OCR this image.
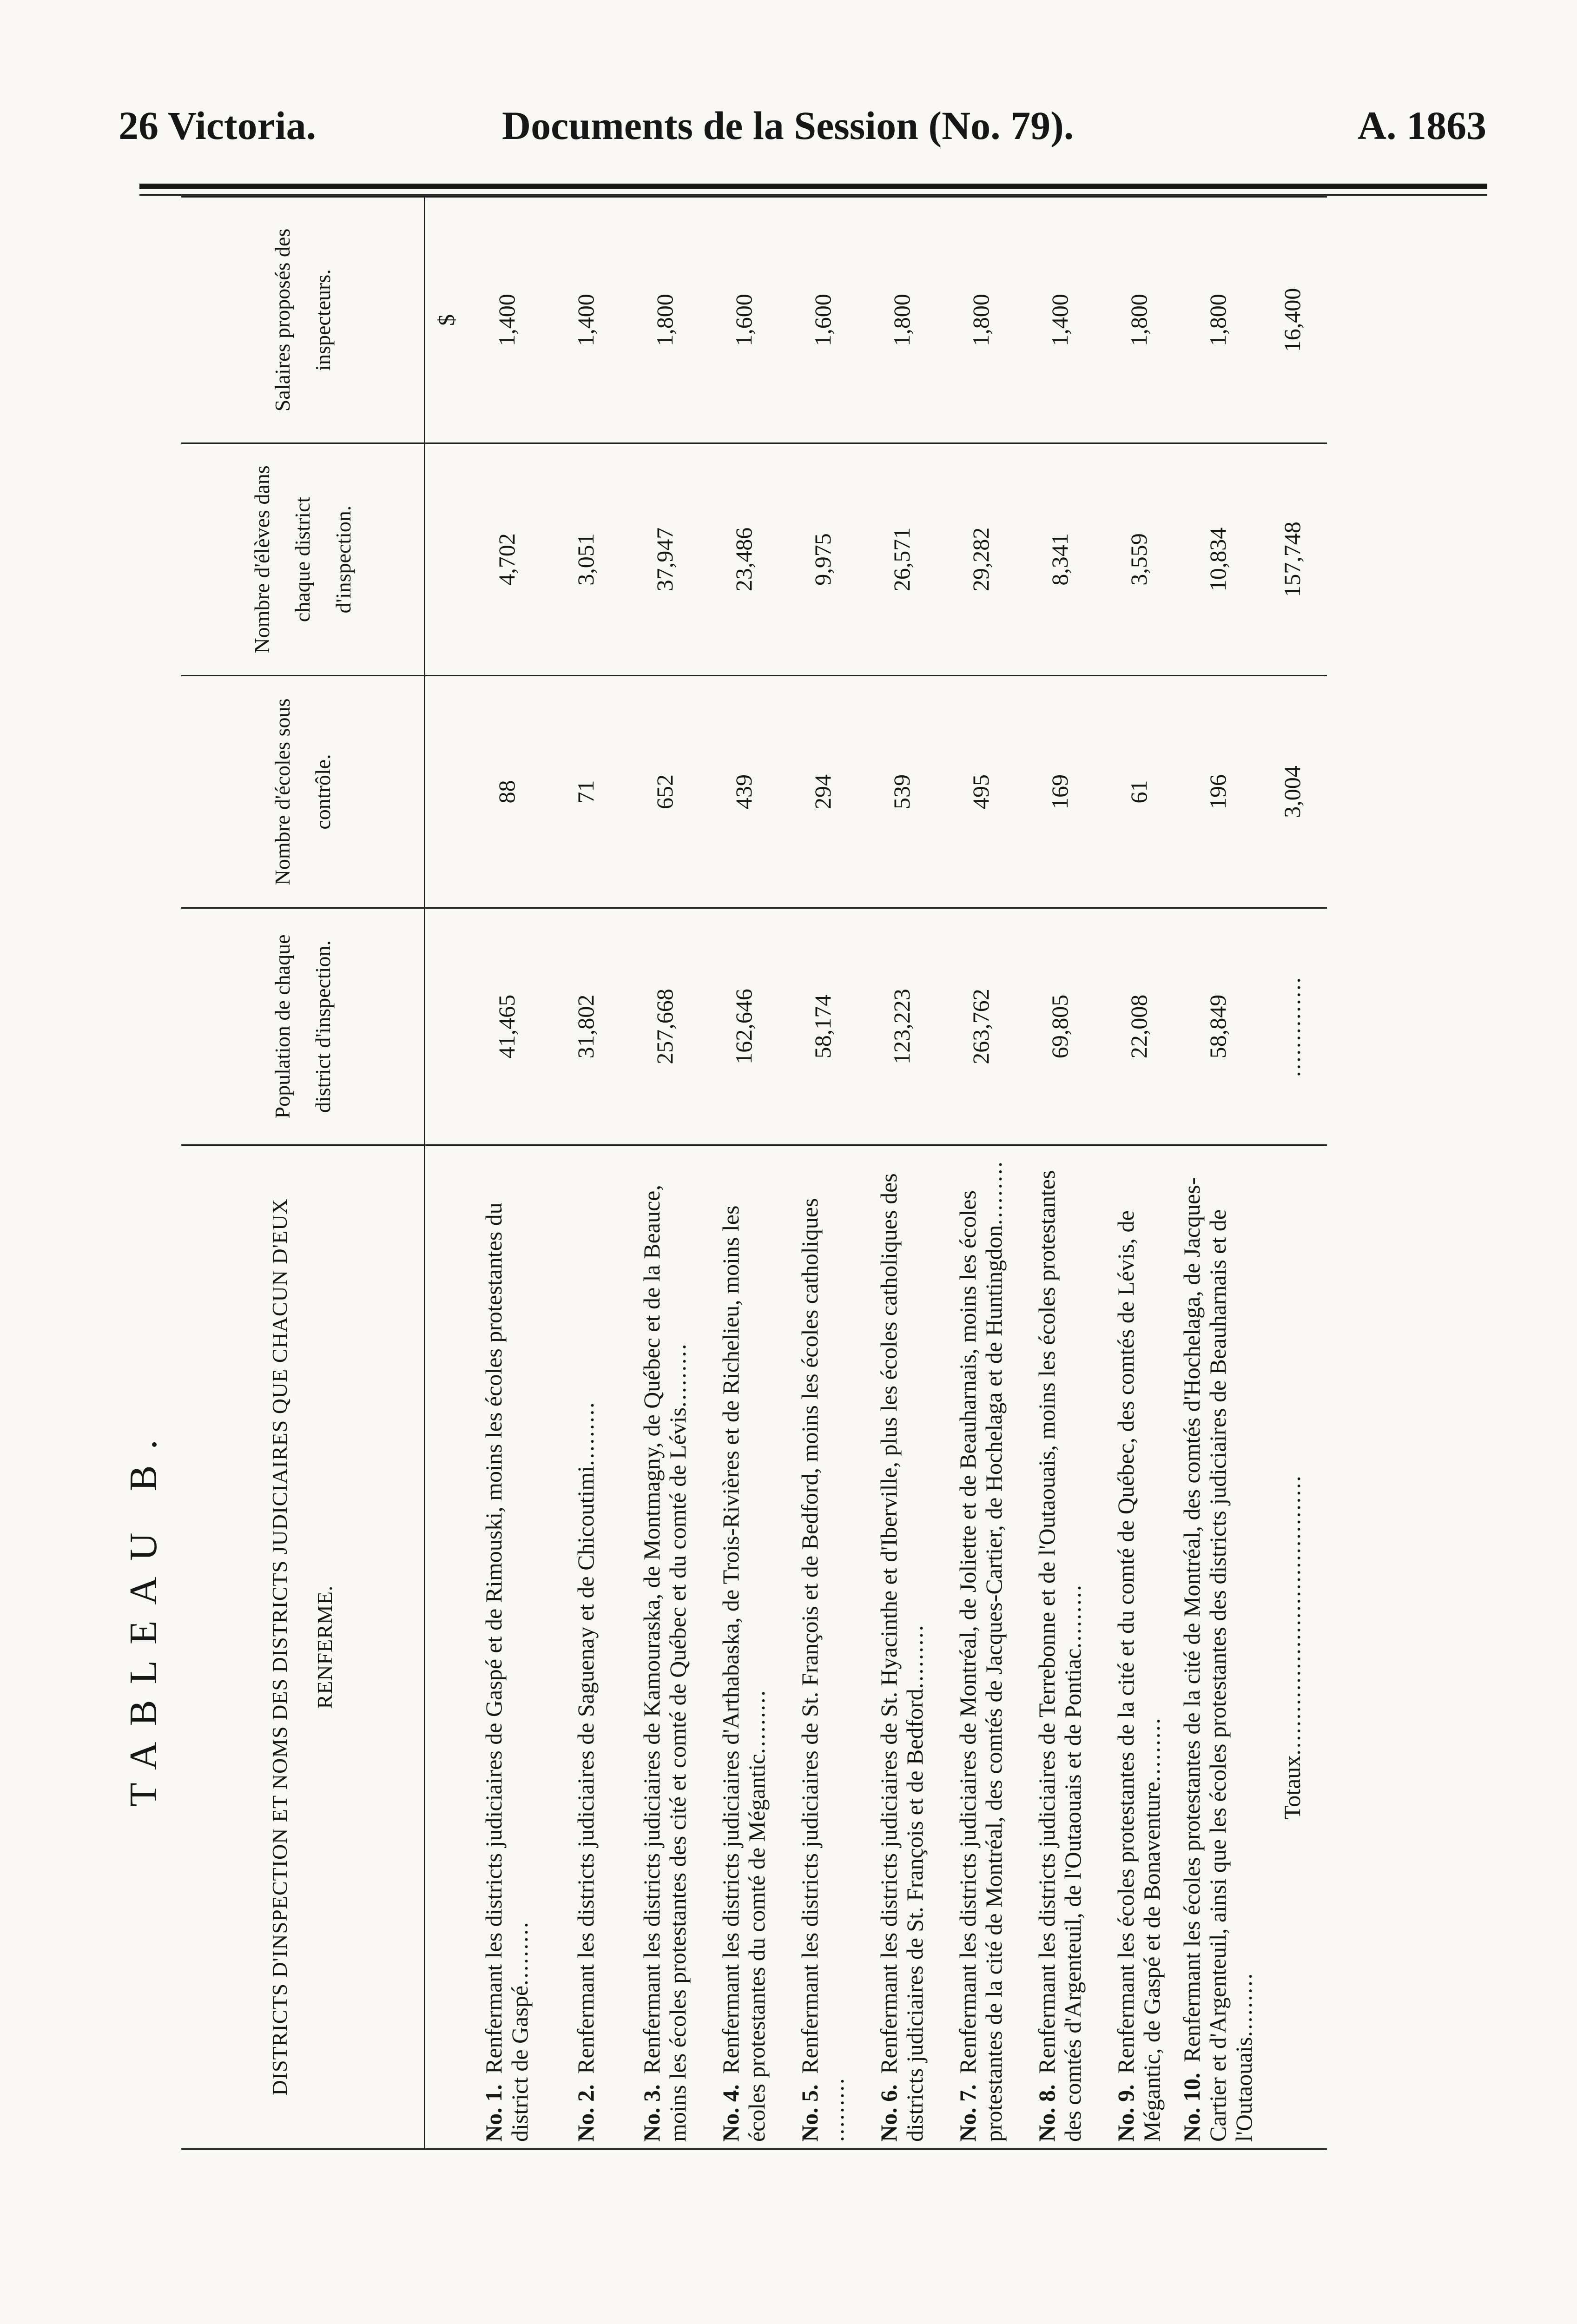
26 Victoria.	Documents de la Session (No. 79).	A. 1863
TABLEAU B.	DISTRICTS D'INSPECTION ET NOMS DES DISTRICTS JUDICIAIRES QUE CHACUN D'EUX RENFERME.	Population de chaque district d'inspection.	Nombre d'écoles sous contrôle.	Nombre d'élèves dans chaque district d'inspection.	Salaires proposés des inspecteurs.
				$
No. 1. Renfermant les districts judiciaires de Gaspé et de Rimouski, moins les écoles protestantes du district de Gaspé.........	41,465	88	4,702	1,400
No. 2. Renfermant les districts judiciaires de Saguenay et de Chicoutimi.........	31,802	71	3,051	1,400
No. 3. Renfermant les districts judiciaires de Kamouraska, de Montmagny, de Québec et de la Beauce, moins les écoles protestantes des cité et comté de Québec et du comté de Lévis.........	257,668	652	37,947	1,800
No. 4. Renfermant les districts judiciaires d'Arthabaska, de Trois-Rivières et de Richelieu, moins les écoles protestantes du comté de Mégantic.........	162,646	439	23,486	1,600
No. 5. Renfermant les districts judiciaires de St. François et de Bedford, moins les écoles catholiques.........	58,174	294	9,975	1,600
No. 6. Renfermant les districts judiciaires de St. Hyacinthe et d'Iberville, plus les écoles catholiques des districts judiciaires de St. François et de Bedford.........	123,223	539	26,571	1,800
No. 7. Renfermant les districts judiciaires de Montréal, de Joliette et de Beauharnais, moins les écoles protestantes de la cité de Montréal, des comtés de Jacques-Cartier, de Hochelaga et de Huntingdon.........	263,762	495	29,282	1,800
No. 8. Renfermant les districts judiciaires de Terrebonne et de l'Outaouais, moins les écoles protestantes des comtés d'Argenteuil, de l'Outaouais et de Pontiac.........	69,805	169	8,341	1,400
No. 9. Renfermant les écoles protestantes de la cité et du comté de Québec, des comtés de Lévis, de Mégantic, de Gaspé et de Bonaventure.........	22,008	61	3,559	1,800
No. 10. Renfermant les écoles protestantes de la cité de Montréal, des comtés d'Hochelaga, de Jacques-Cartier et d'Argenteuil, ainsi que les écoles protestantes des districts judiciaires de Beauharnais et de l'Outaouais.........	58,849	196	10,834	1,800
Totaux.......................................	..............	3,004	157,748	16,400
